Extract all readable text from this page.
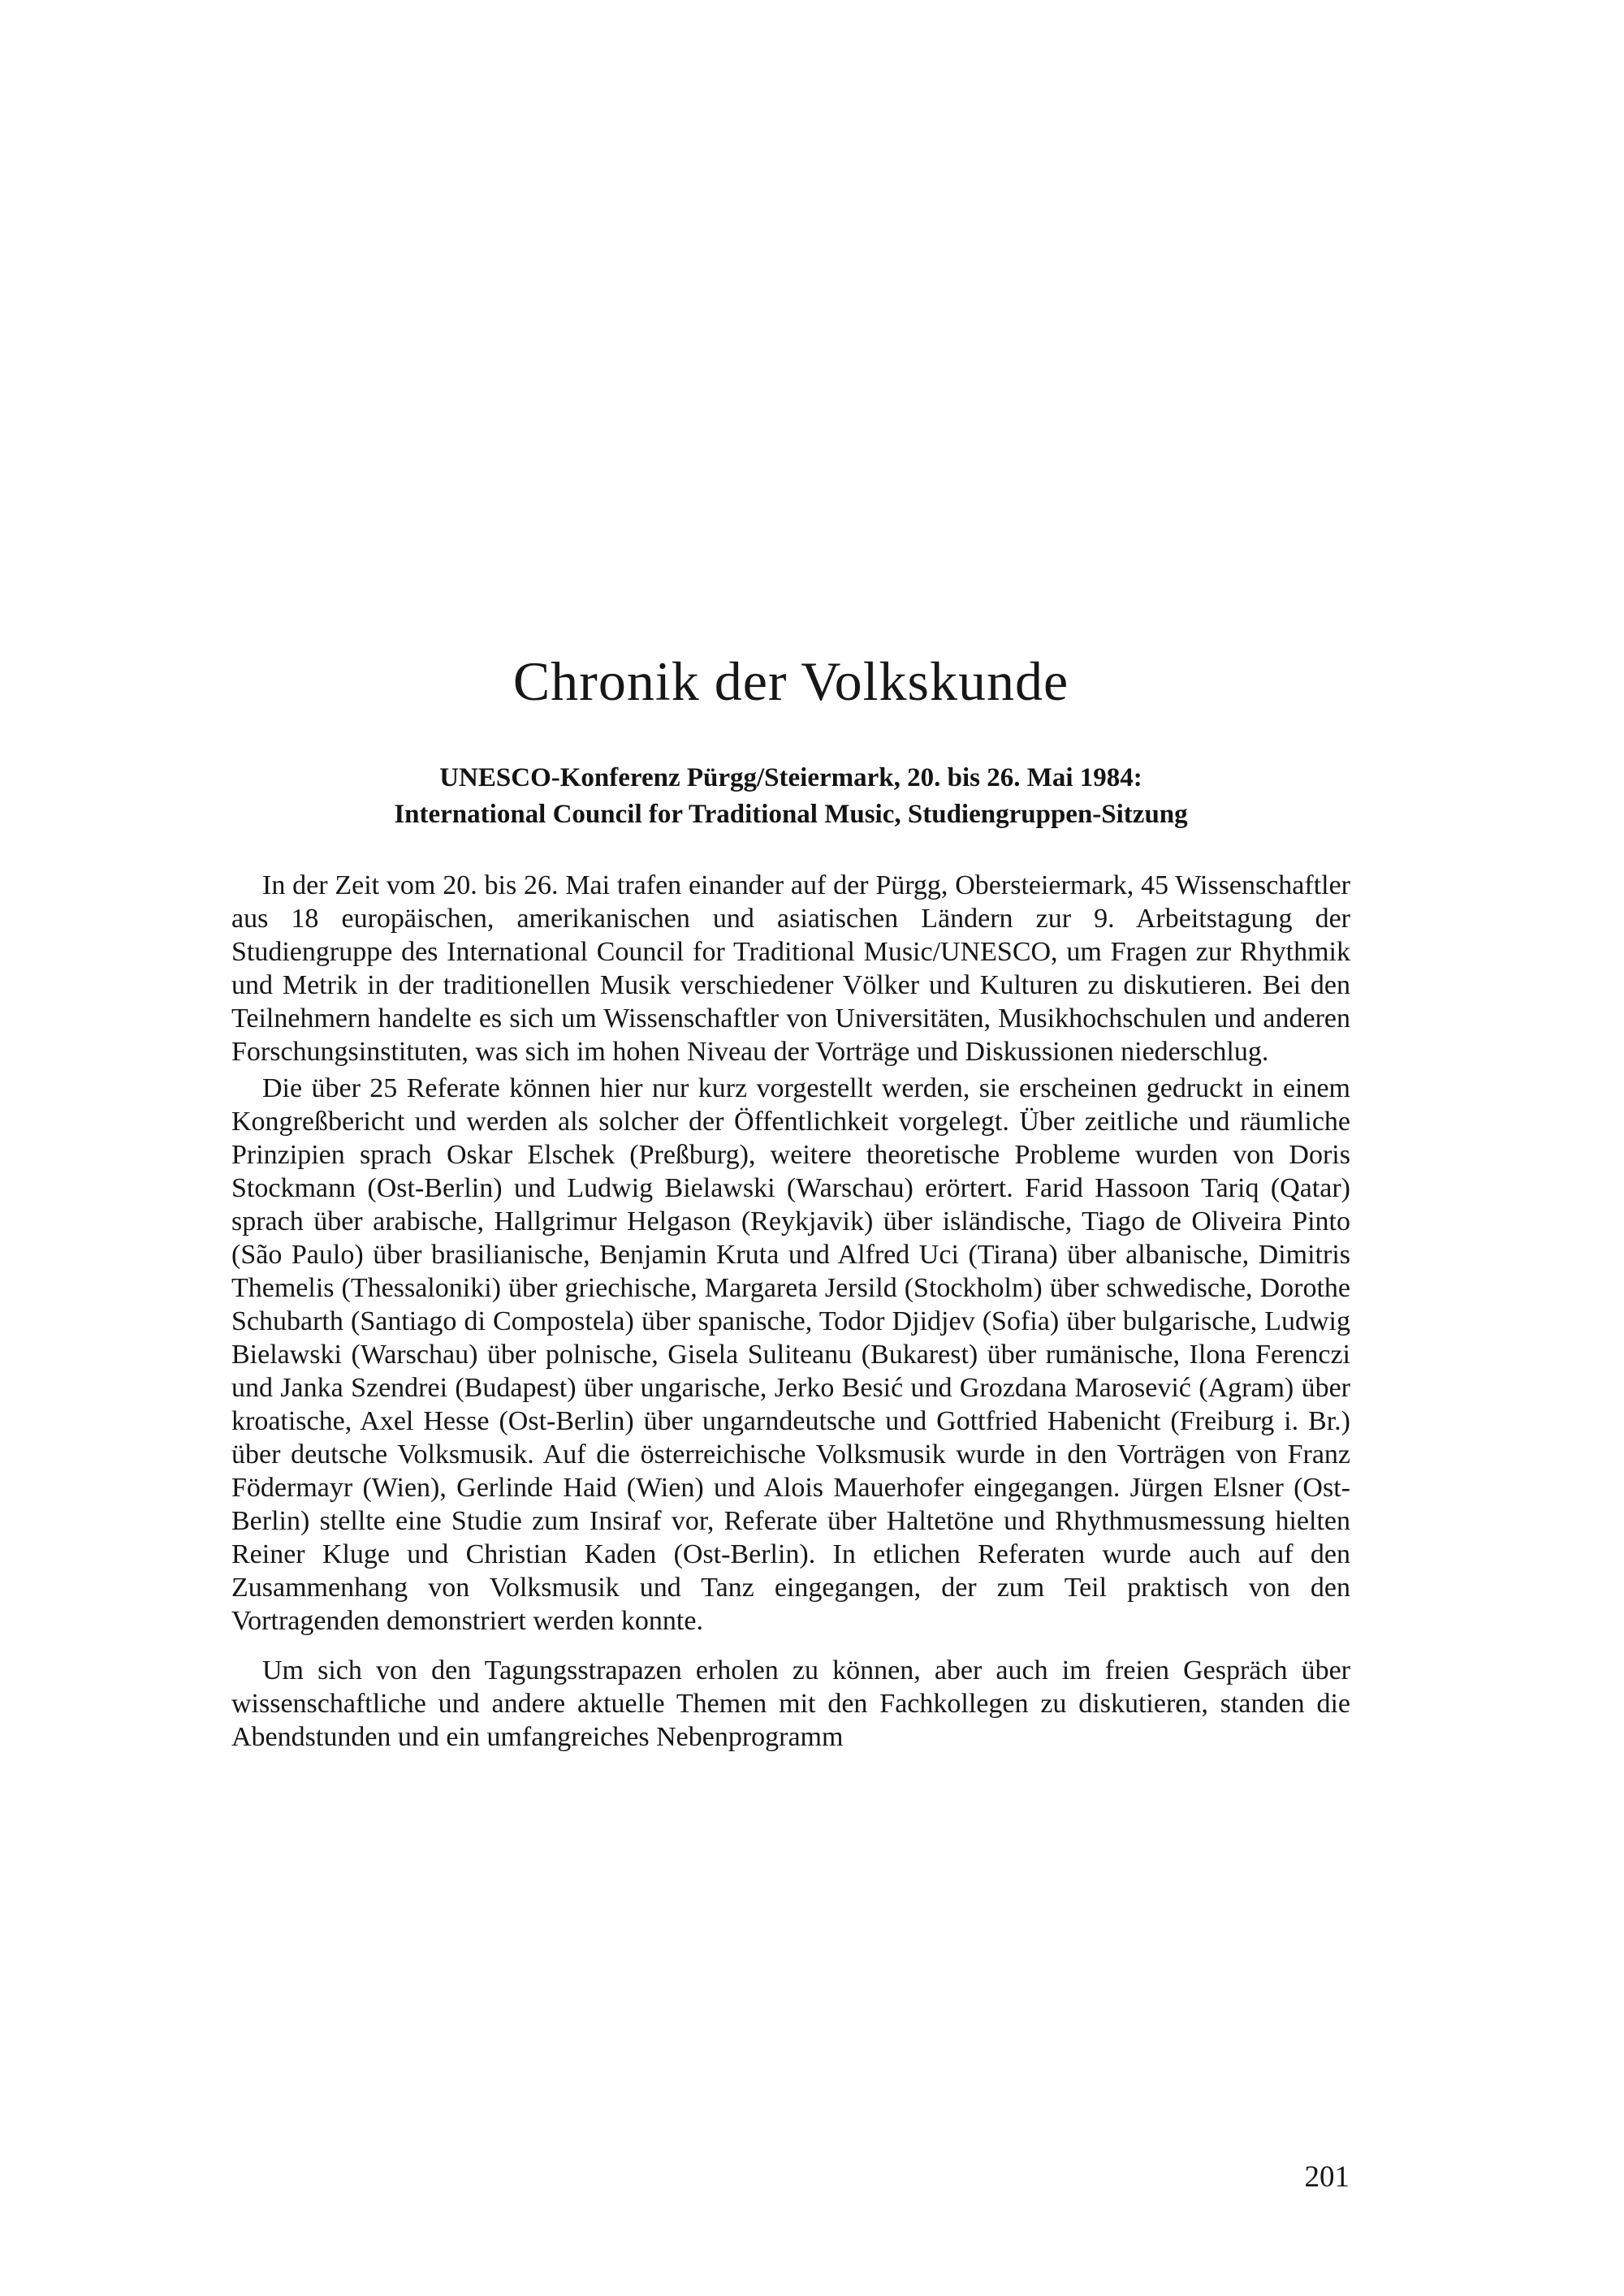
Chronik der Volkskunde
UNESCO-Konferenz Pürgg/Steiermark, 20. bis 26. Mai 1984:
International Council for Traditional Music, Studiengruppen-Sitzung

In der Zeit vom 20. bis 26. Mai trafen einander auf der Pürgg, Obersteiermark, 45 Wissenschaftler aus 18 europäischen, amerikanischen und asiatischen Ländern zur 9. Arbeitstagung der Studiengruppe des International Council for Traditional Music/UNESCO, um Fragen zur Rhythmik und Metrik in der traditionellen Musik verschiedener Völker und Kulturen zu diskutieren. Bei den Teilnehmern handelte es sich um Wissenschaftler von Universitäten, Musikhochschulen und anderen Forschungsinstituten, was sich im hohen Niveau der Vorträge und Diskussionen niederschlug.

Die über 25 Referate können hier nur kurz vorgestellt werden, sie erscheinen gedruckt in einem Kongreßbericht und werden als solcher der Öffentlichkeit vorgelegt. Über zeitliche und räumliche Prinzipien sprach Oskar Elschek (Preßburg), weitere theoretische Probleme wurden von Doris Stockmann (Ost-Berlin) und Ludwig Bielawski (Warschau) erörtert. Farid Hassoon Tariq (Qatar) sprach über arabische, Hallgrimur Helgason (Reykjavik) über isländische, Tiago de Oliveira Pinto (São Paulo) über brasilianische, Benjamin Kruta und Alfred Uci (Tirana) über albanische, Dimitris Themelis (Thessaloniki) über griechische, Margareta Jersild (Stockholm) über schwedische, Dorothe Schubarth (Santiago di Compostela) über spanische, Todor Djidjev (Sofia) über bulgarische, Ludwig Bielawski (Warschau) über polnische, Gisela Suliteanu (Bukarest) über rumänische, Ilona Ferenczi und Janka Szendrei (Budapest) über ungarische, Jerko Besić und Grozdana Marosević (Agram) über kroatische, Axel Hesse (Ost-Berlin) über ungarndeutsche und Gottfried Habenicht (Freiburg i. Br.) über deutsche Volksmusik. Auf die österreichische Volksmusik wurde in den Vorträgen von Franz Födermayr (Wien), Gerlinde Haid (Wien) und Alois Mauerhofer eingegangen. Jürgen Elsner (Ost-Berlin) stellte eine Studie zum Insiraf vor, Referate über Haltetöne und Rhythmusmessung hielten Reiner Kluge und Christian Kaden (Ost-Berlin). In etlichen Referaten wurde auch auf den Zusammenhang von Volksmusik und Tanz eingegangen, der zum Teil praktisch von den Vortragenden demonstriert werden konnte.

Um sich von den Tagungsstrapazen erholen zu können, aber auch im freien Gespräch über wissenschaftliche und andere aktuelle Themen mit den Fachkollegen zu diskutieren, standen die Abendstunden und ein umfangreiches Nebenprogramm

201
